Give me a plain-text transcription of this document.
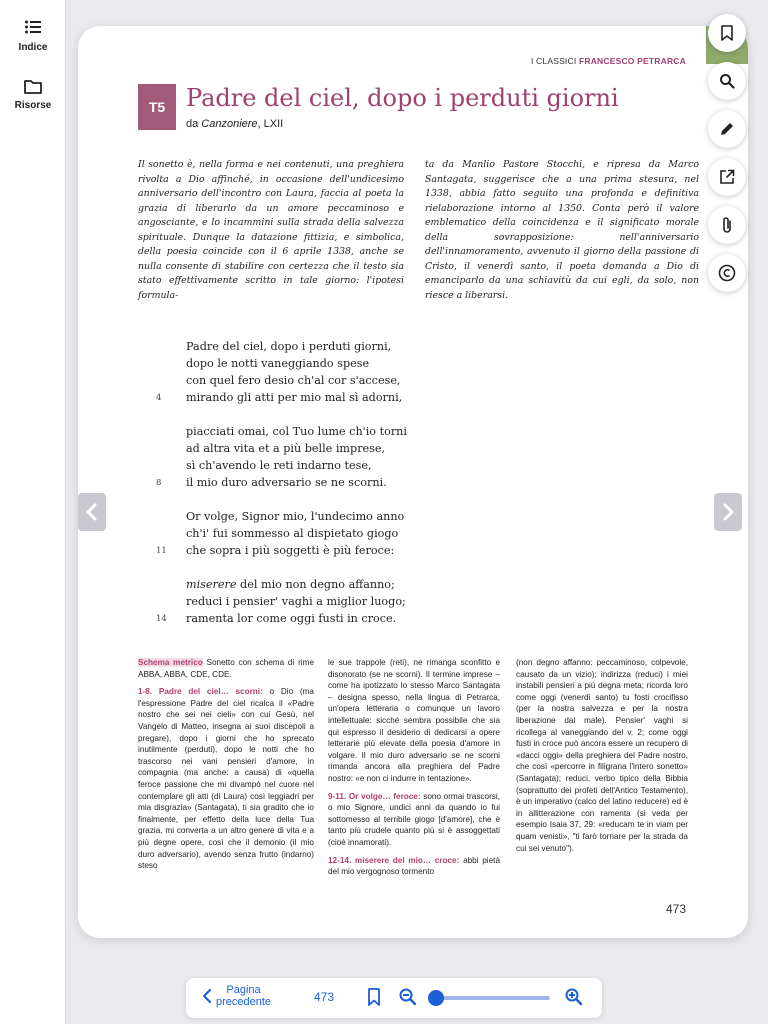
Indice
Risorse
I CLASSICI FRANCESCO PETRARCA
T5 Padre del ciel, dopo i perduti giorni
da Canzoniere, LXII
Il sonetto è, nella forma e nei contenuti, una preghiera rivolta a Dio affinché, in occasione dell'undicesimo anniversario dell'incontro con Laura, faccia al poeta la grazia di liberarlo da un amore peccaminoso e angosciante, e lo incammini sulla strada della salvezza spirituale. Dunque la datazione fittizia, e simbolica, della poesia coincide con il 6 aprile 1338, anche se nulla consente di stabilire con certezza che il testo sia stato effettivamente scritto in tale giorno: l'ipotesi formula-
ta da Manlio Pastore Stocchi, e ripresa da Marco Santagata, suggerisce che a una prima stesura, nel 1338, abbia fatto seguito una profonda e definitiva rielaborazione intorno al 1350. Conta però il valore emblematico della coincidenza e il significato morale della sovrapposizione: nell'anniversario dell'innamoramento, avvenuto il giorno della passione di Cristo, il venerdì santo, il poeta domanda a Dio di emanciparlo da una schiavitù da cui egli, da solo, non riesce a liberarsi.
Padre del ciel, dopo i perduti giorni,
dopo le notti vaneggiando spese
con quel fero desio ch'al cor s'accese,
4 mirando gli atti per mio mal sì adorni,
piacciati omai, col Tuo lume ch'io torni
ad altra vita et a più belle imprese,
sì ch'avendo le reti indarno tese,
8 il mio duro adversario se ne scorni.
Or volge, Signor mio, l'undecimo anno
ch'i' fui sommesso al dispietato giogo
11 che sopra i più soggetti è più feroce:
miserere del mio non degno affanno;
reduci i pensier' vaghi a miglior luogo;
14 ramenta lor come oggi fusti in croce.

Schema metrico Sonetto con schema di rime ABBA, ABBA, CDE, CDE.

1-8. Padre del ciel… scorni: o Dio (ma l'espressione Padre del ciel ricalca il «Padre nostro che sei nei cieli» con cui Gesù, nel Vangelo di Matteo, insegna ai suoi discepoli a pregare), dopo i giorni che ho sprecato inutilmente (perduti), dopo le notti che ho trascorso nei vani pensieri d'amore, in compagnia (ma anche: a causa) di «quella feroce passione che mi divampò nel cuore nel contemplare gli atti (di Laura) così leggiadri per mia disgrazia» (Santagata), ti sia gradito che io finalmente, per effetto della luce della Tua grazia, mi converta a un altro genere di vita e a più degne opere, così che il demonio (il mio duro adversario), avendo senza frutto (indarno) steso

le sue trappole (reti), ne rimanga sconfitto e disonorato (se ne scorni). Il termine imprese – come ha ipotizzato lo stesso Marco Santagata – designa spesso, nella lingua di Petrarca, un'opera letteraria o comunque un lavoro intellettuale: sicché sembra possibile che sia qui espresso il desiderio di dedicarsi a opere letterarie più elevate della poesia d'amore in volgare. Il mio duro adversario se ne scorni rimanda ancora alla preghiera del Padre nostro: «e non ci indurre in tentazione».

9-11. Or volge… feroce: sono ormai trascorsi, o mio Signore, undici anni da quando io fui sottomesso al terribile giogo [d'amore], che è tanto più crudele quanto più si è assoggettati (cioè innamorati).

12-14. miserere del mio… croce: abbi pietà del mio vergognoso tormento

(non degno affanno: peccaminoso, colpevole, causato da un vizio); indirizza (reduci) i miei instabili pensieri a più degna meta; ricorda loro come oggi (venerdì santo) tu fosti crocifisso (per la nostra salvezza e per la nostra liberazione dal male). Pensier' vaghi si ricollega al vaneggiando del v. 2; come oggi fusti in croce può ancora essere un recupero di «dacci oggi» della preghiera del Padre nostro, che così «percorre in filigrana l'intero sonetto» (Santagata); reduci, verbo tipico della Bibbia (soprattutto dei profeti dell'Antico Testamento), è un imperativo (calco del latino reducere) ed è in allitterazione con ramenta (si veda per esempio Isaia 37, 29: «reducam te in viam per quam venisti», "ti farò tornare per la strada da cui sei venuto").

473
Pagina
precedente	473
